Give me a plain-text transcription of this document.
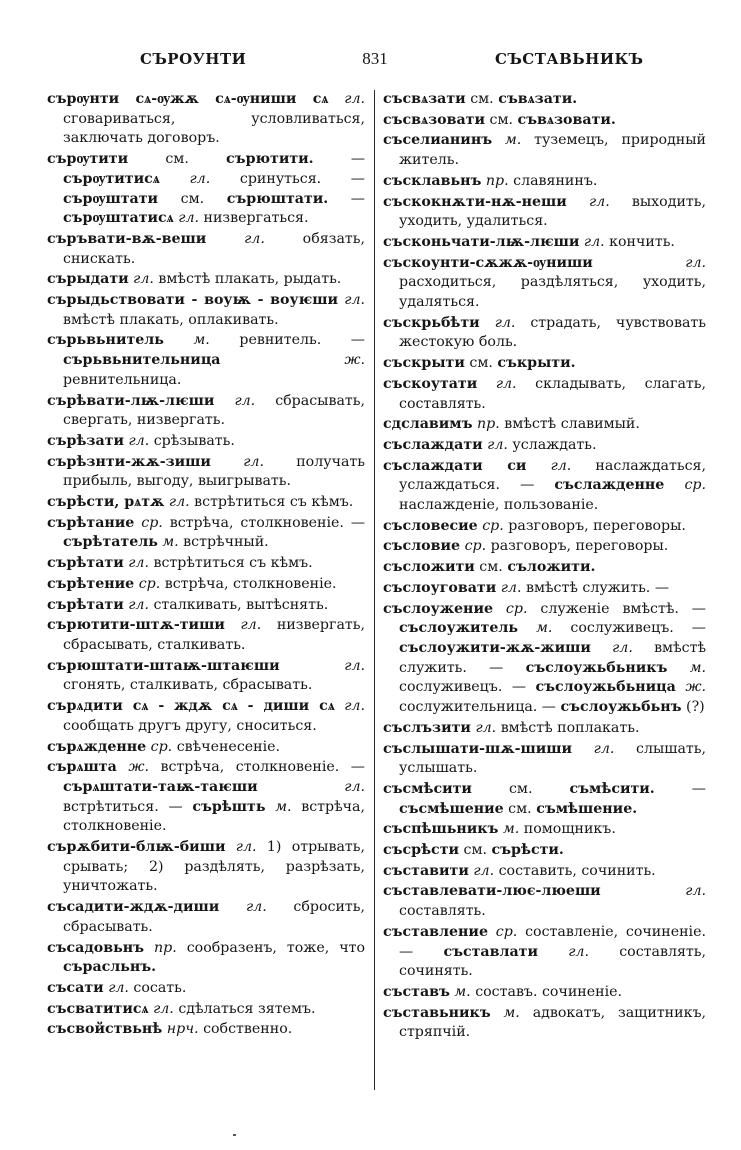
СЪРОУНТИ	831	СЪСТАВЬНИКЪ

сърѹнти сѧ-ѹжѫ сѧ-ѹниши сѧ гл. сговариваться, условливаться, заключать договоръ.

сърѹтити см. сърютити. — сърѹтитисѧ гл. сринуться. — сърѹштати см. сърюштати. — сърѹштатисѧ гл. низвергаться.

съръвати-вѫ-веши	гл. обязать, снискать.

сърыдати гл. вмѣстѣ плакать, рыдать.

сърыдьствовати - воуѭ - воуѥши гл. вмѣстѣ плакать, оплакивать.

сърьвьнитель м. ревнитель. — сърьвьнительница	ж. ревнительница.

сърѣвати-лѭ-лѥши гл. сбрасывать, свергать, низвергать.

сърѣзати гл. срѣзывать.

сърѣзнти-жѫ-зиши гл. получать прибыль, выгоду, выигрывать.

сърѣсти, рѧтѫ гл. встрѣтиться съ кѣмъ.

сърѣтание ср. встрѣча, столкновеніе. — сърѣтатель м. встрѣчный.

сърѣтати гл. встрѣтиться съ кѣмъ.

сърѣтение ср. встрѣча, столкновеніе.

сърѣтати гл. сталкивать, вытѣснять.

сърютити-штѫ-тиши гл. низвергать, сбрасывать, сталкивать.

сърюштати-штаѭ-штаѥши	гл. сгонять, сталкивать, сбрасывать.

сърѧдити сѧ - ждѫ сѧ - диши сѧ гл. сообщать другъ другу, сноситься.

сърѧжденне ср. свѣченесеніе.

сърѧшта ж. встрѣча, столкновеніе. — сърѧштати-таѭ-таѥши	гл. встрѣтиться. — сърѣшть м. встрѣча, столкновеніе.

сърѫбити-блѭ-биши гл. 1) отрывать, срывать; 2) раздѣлять, разрѣзать, уничтожать.

съсадити-ждѫ-диши гл. сбросить, сбрасывать.

съсадовьнъ пр. сообразенъ, тоже, что сърасльнъ.

съсати гл. сосать.

съсватитисѧ гл. сдѣлаться зятемъ.

съсвойствьнѣ нрч. собственно.

съсвѧзати см. съвѧзати.

съсвѧзовати см. съвѧзовати.

съселианинъ м. туземецъ, природный житель.

съсклавьнъ пр. славянинъ.

съскокнѫти-нѫ-неши гл. выходить, уходить, удалиться.

съсконьчати-лѭ-лѥши гл. кончить.

съскоунти-сѫжѫ-ѹниши	гл. расходиться, раздѣляться, уходить, удаляться.

съскрьбѣти гл. страдать, чувствовать жестокую боль.

съскрыти см. съкрыти.

съскоутати гл. складывать, слагать, составлять.

сдславимъ пр. вмѣстѣ славимый.

съслаждати гл. услаждать.

съслаждати си гл. наслаждаться, услаждаться. — съслажденне ср. наслажденіе, пользованіе.

съсловесие ср. разговоръ, переговоры.

съсловие ср. разговоръ, переговоры.

съсложити см. съложити.

съслоуговати гл. вмѣстѣ служить. —

съслоужение ср. служеніе вмѣстѣ. — съслоужитель м. сослуживецъ. — съслоужити-жѫ-жиши гл. вмѣстѣ служить. — съслоужьбьникъ м. сослуживецъ. — съслоужьбьница ж. сослужительница. — съслоужьбьнъ (?)

съслъзити гл. вмѣстѣ поплакать.

съслышати-шѫ-шиши гл. слышать, услышать.

съсмѣсити см. съмѣсити. — съсмѣшение см. съмѣшение.

съспѣшьникъ м. помощникъ.

съсрѣсти см. сърѣсти.

съставити гл. составить, сочинить.

съставлевати-лює-люеши	гл. составлять.

съставление ср. составленіе, сочиненіе. — съставлати гл. составлять, сочинять.

съставъ м. составъ. сочиненіе.

съставьникъ м. адвокатъ, защитникъ, стряпчій.
